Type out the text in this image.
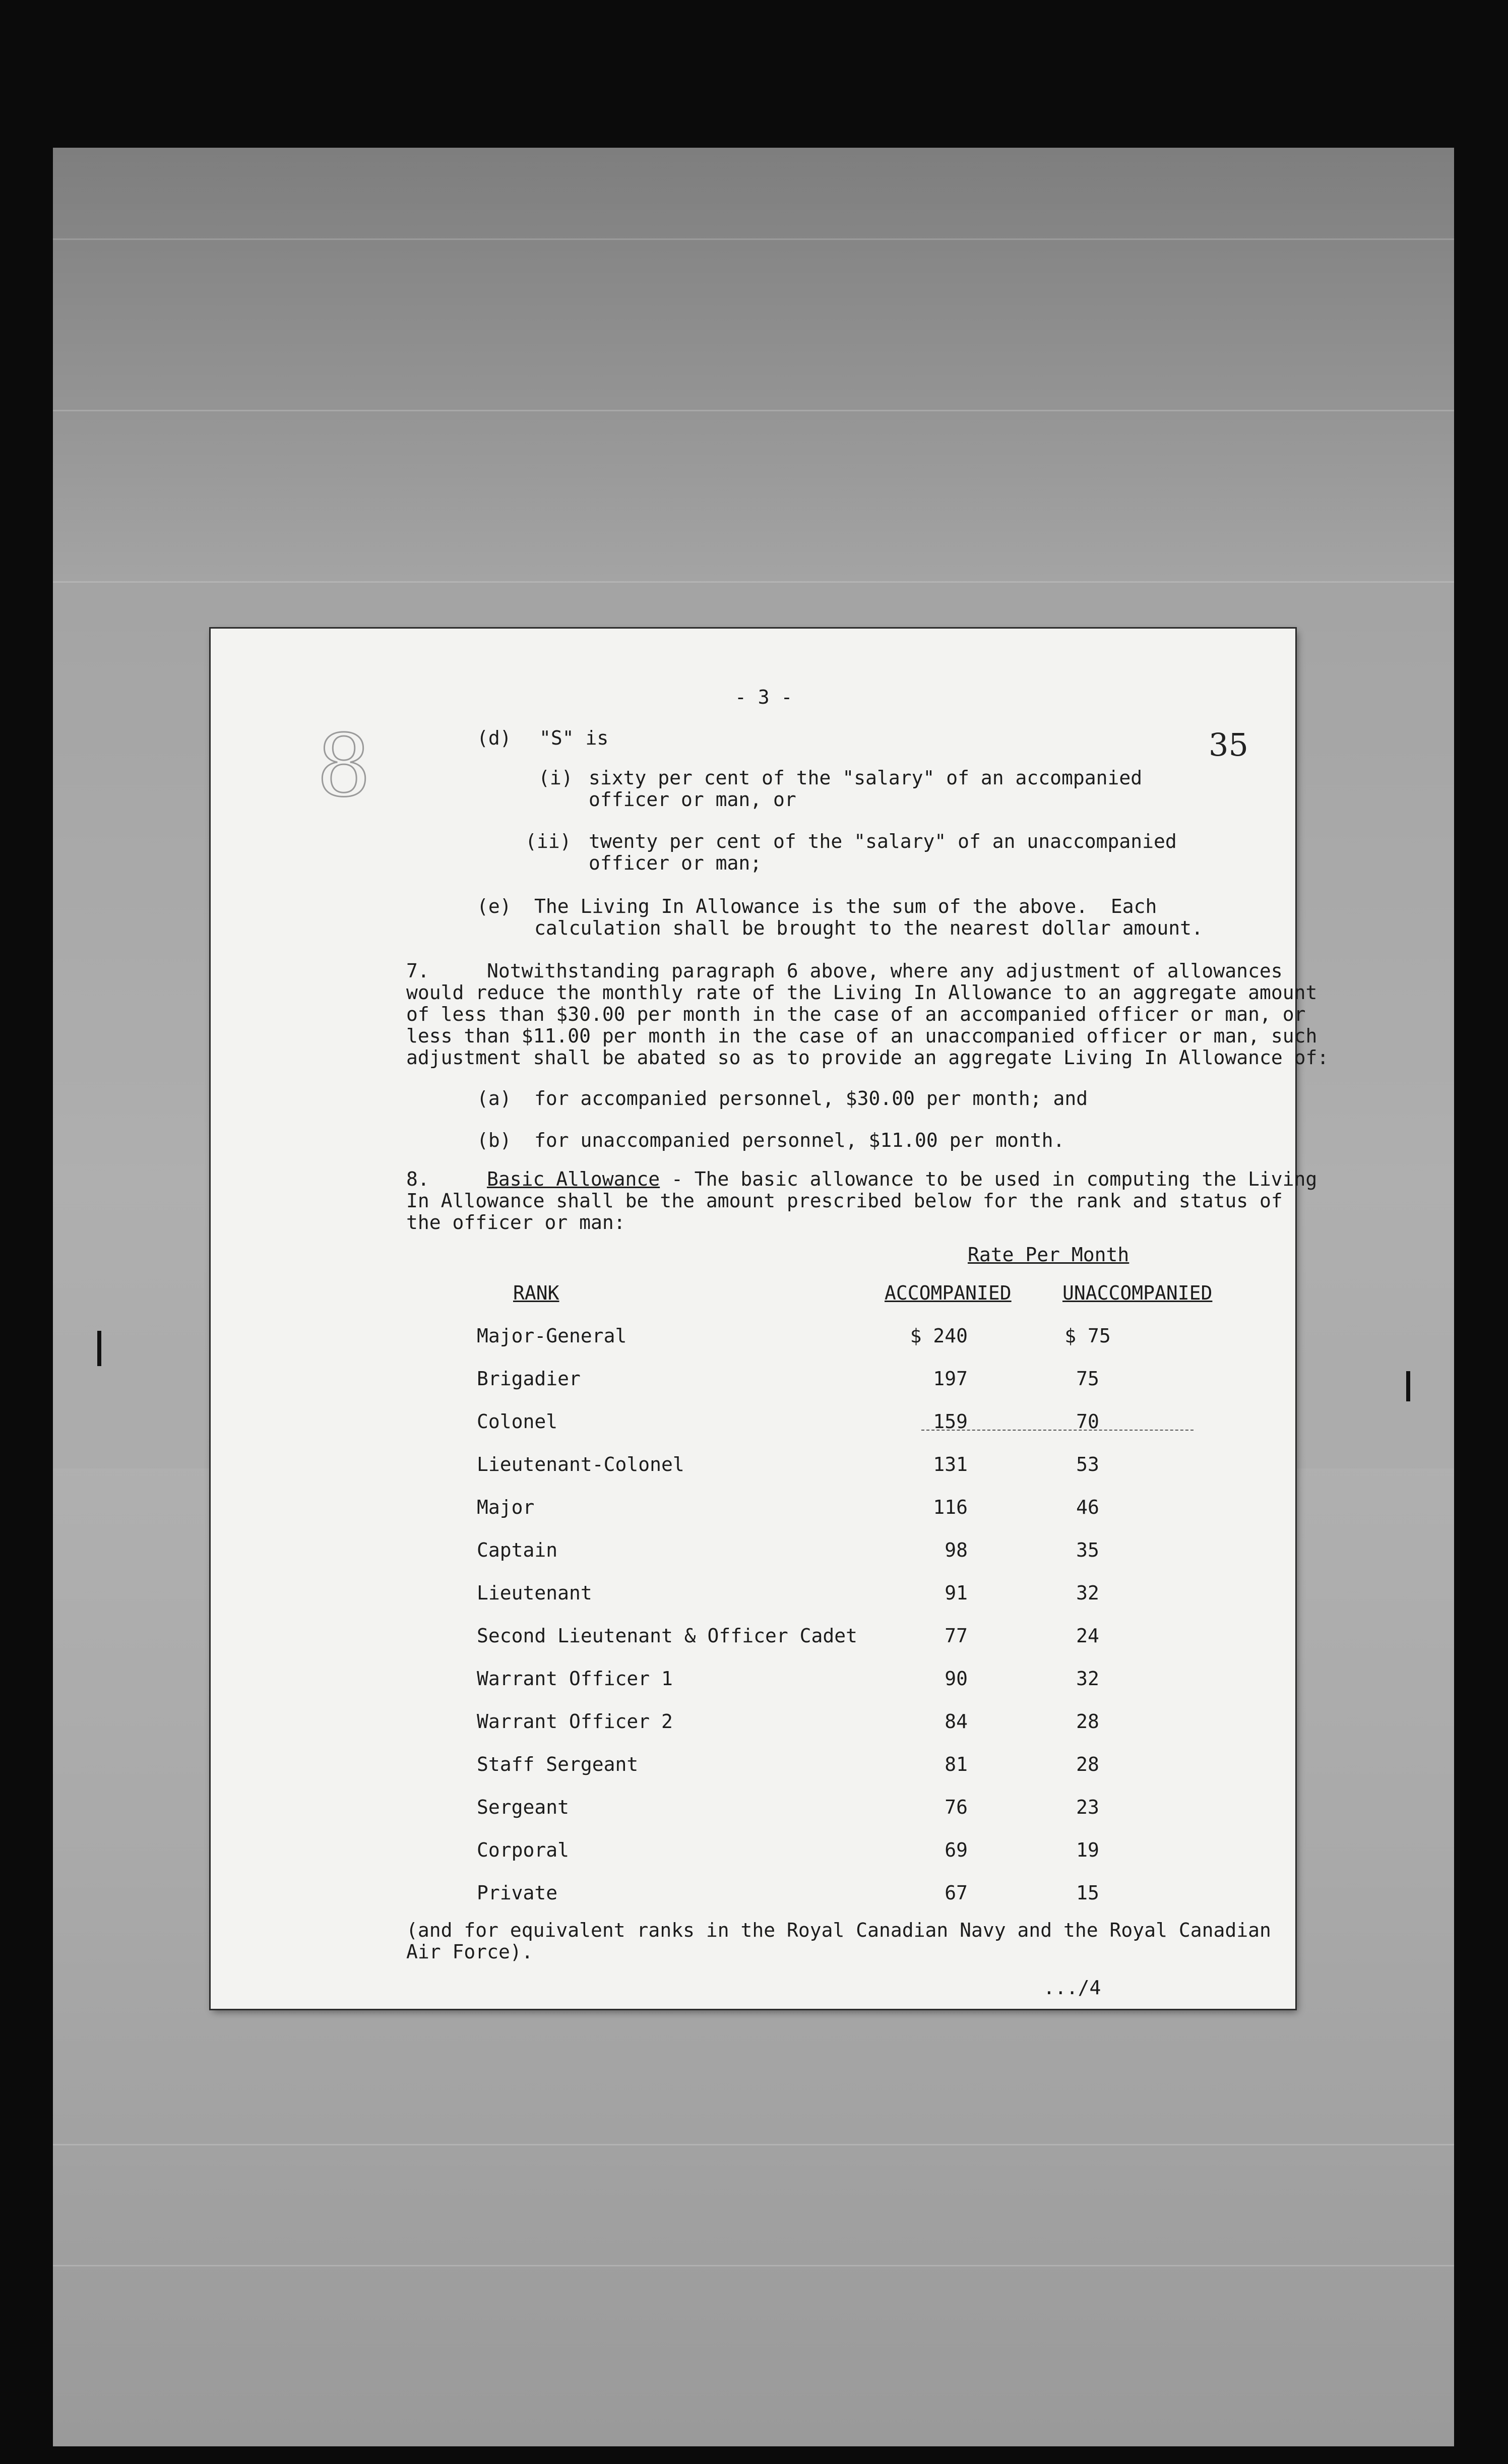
- 3 -
35
8	(d) "S" is
(i) sixty per cent of the "salary" of an accompanied
officer or man, or
(ii) twenty per cent of the "salary" of an unaccompanied
officer or man;
(e) The Living In Allowance is the sum of the above.  Each
calculation shall be brought to the nearest dollar amount.
7.	Notwithstanding paragraph 6 above, where any adjustment of allowances
would reduce the monthly rate of the Living In Allowance to an aggregate amount
of less than $30.00 per month in the case of an accompanied officer or man, or
less than $11.00 per month in the case of an unaccompanied officer or man, such
adjustment shall be abated so as to provide an aggregate Living In Allowance of:
(a) for accompanied personnel, $30.00 per month; and
(b) for unaccompanied personnel, $11.00 per month.
8.	Basic Allowance - The basic allowance to be used in computing the Living
In Allowance shall be the amount prescribed below for the rank and status of
the officer or man:
Rate Per Month
RANK	ACCOMPANIED	UNACCOMPANIED
Major-General	$ 240	$ 75
Brigadier	197	75
Colonel	159	70
Lieutenant-Colonel	131	53
Major	116	46
Captain	98	35
Lieutenant	91	32
Second Lieutenant & Officer Cadet	77	24
Warrant Officer 1	90	32
Warrant Officer 2	84	28
Staff Sergeant	81	28
Sergeant	76	23
Corporal	69	19
Private	67	15
(and for equivalent ranks in the Royal Canadian Navy and the Royal Canadian
Air Force).
.../4
